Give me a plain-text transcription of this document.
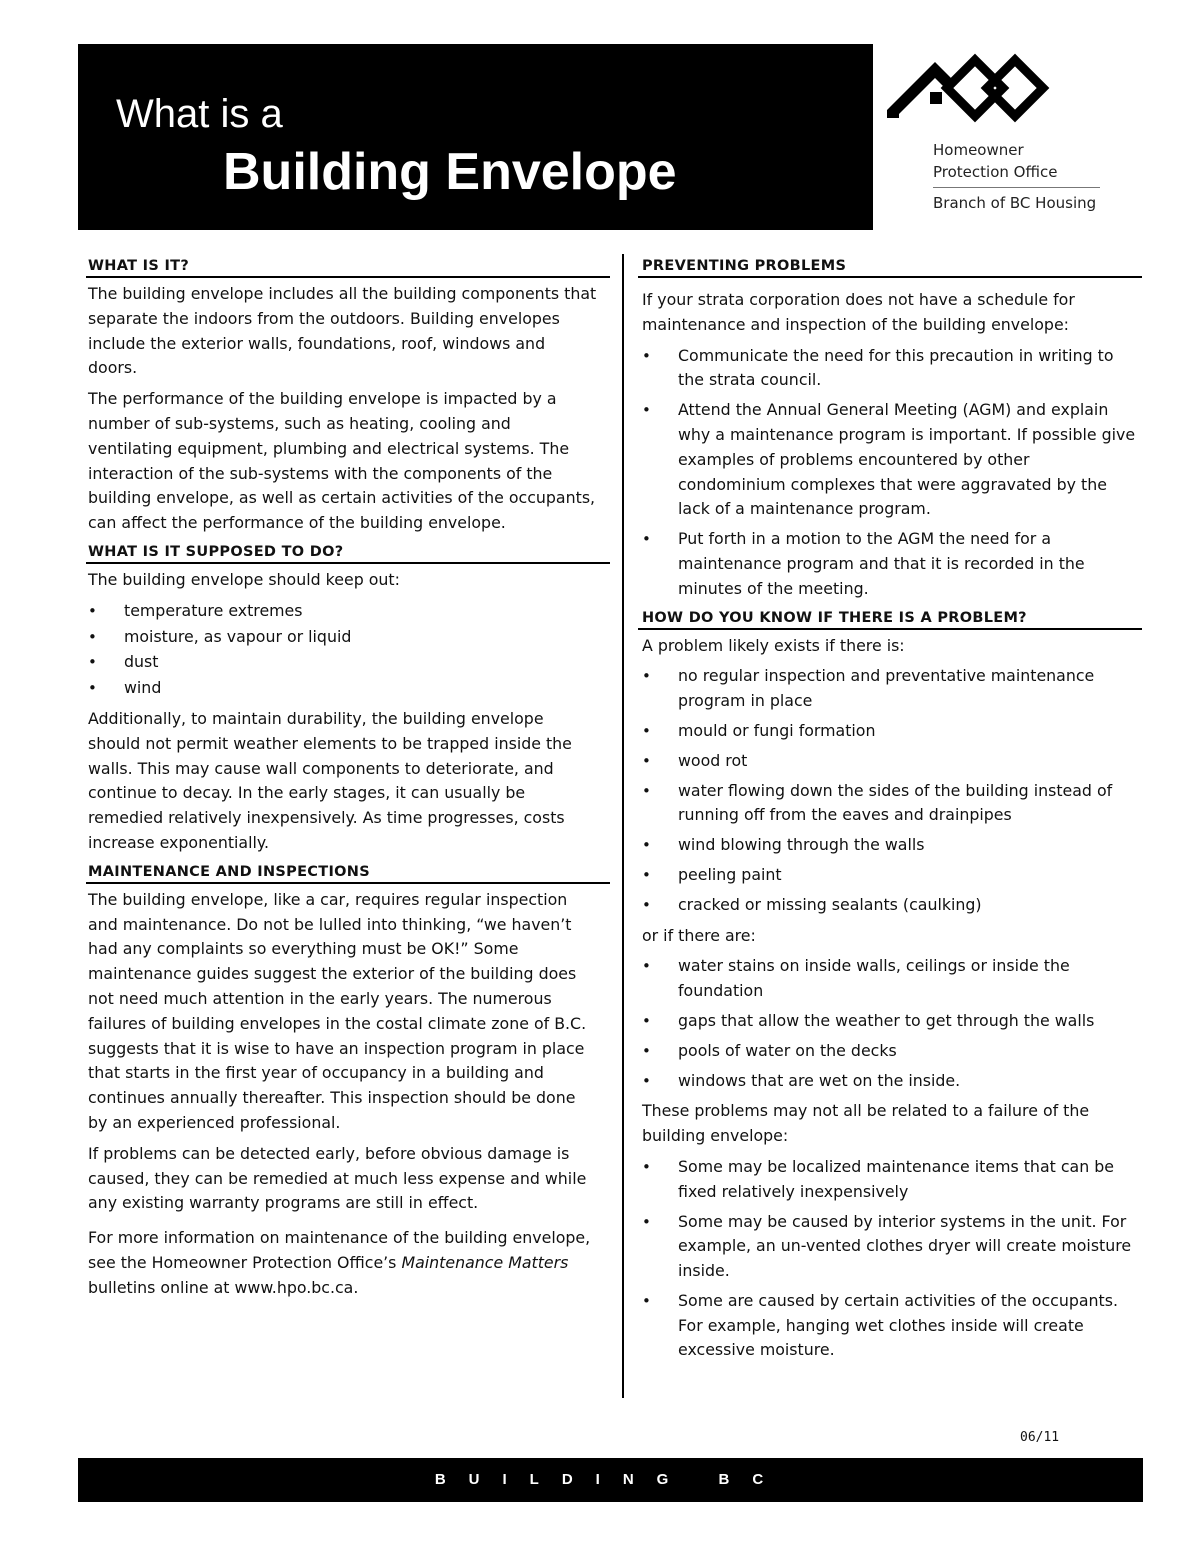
What is a
Building Envelope	Homeowner
Protection Office
Branch of BC Housing
WHAT IS IT?

The building envelope includes all the building components that separate the indoors from the outdoors. Building envelopes include the exterior walls, foundations, roof, windows and doors.

The performance of the building envelope is impacted by a number of sub-systems, such as heating, cooling and ventilating equipment, plumbing and electrical systems. The interaction of the sub-systems with the components of the building envelope, as well as certain activities of the occupants, can affect the performance of the building envelope.

WHAT IS IT SUPPOSED TO DO?

The building envelope should keep out:

• temperature extremes
• moisture, as vapour or liquid
• dust
• wind

Additionally, to maintain durability, the building envelope should not permit weather elements to be trapped inside the walls. This may cause wall components to deteriorate, and continue to decay. In the early stages, it can usually be remedied relatively inexpensively. As time progresses, costs increase exponentially.

MAINTENANCE AND INSPECTIONS

The building envelope, like a car, requires regular inspection and maintenance. Do not be lulled into thinking, “we haven’t had any complaints so everything must be OK!” Some maintenance guides suggest the exterior of the building does not need much attention in the early years. The numerous failures of building envelopes in the costal climate zone of B.C. suggests that it is wise to have an inspection program in place that starts in the first year of occupancy in a building and continues annually thereafter. This inspection should be done by an experienced professional.

If problems can be detected early, before obvious damage is caused, they can be remedied at much less expense and while any existing warranty programs are still in effect.

For more information on maintenance of the building envelope, see the Homeowner Protection Office’s Maintenance Matters bulletins online at www.hpo.bc.ca.

PREVENTING PROBLEMS

If your strata corporation does not have a schedule for maintenance and inspection of the building envelope:

• Communicate the need for this precaution in writing to the strata council.
• Attend the Annual General Meeting (AGM) and explain why a maintenance program is important. If possible give examples of problems encountered by other condominium complexes that were aggravated by the lack of a maintenance program.
• Put forth in a motion to the AGM the need for a maintenance program and that it is recorded in the minutes of the meeting.
HOW DO YOU KNOW IF THERE IS A PROBLEM?

A problem likely exists if there is:

• no regular inspection and preventative maintenance program in place
• mould or fungi formation
• wood rot
• water flowing down the sides of the building instead of running off from the eaves and drainpipes
• wind blowing through the walls
• peeling paint
• cracked or missing sealants (caulking)

or if there are:

• water stains on inside walls, ceilings or inside the foundation
• gaps that allow the weather to get through the walls
• pools of water on the decks
• windows that are wet on the inside.

These problems may not all be related to a failure of the building envelope:

• Some may be localized maintenance items that can be fixed relatively inexpensively
• Some may be caused by interior systems in the unit. For example, an un-vented clothes dryer will create moisture inside.
• Some are caused by certain activities of the occupants. For example, hanging wet clothes inside will create excessive moisture.
06/11
BUILDING BC
